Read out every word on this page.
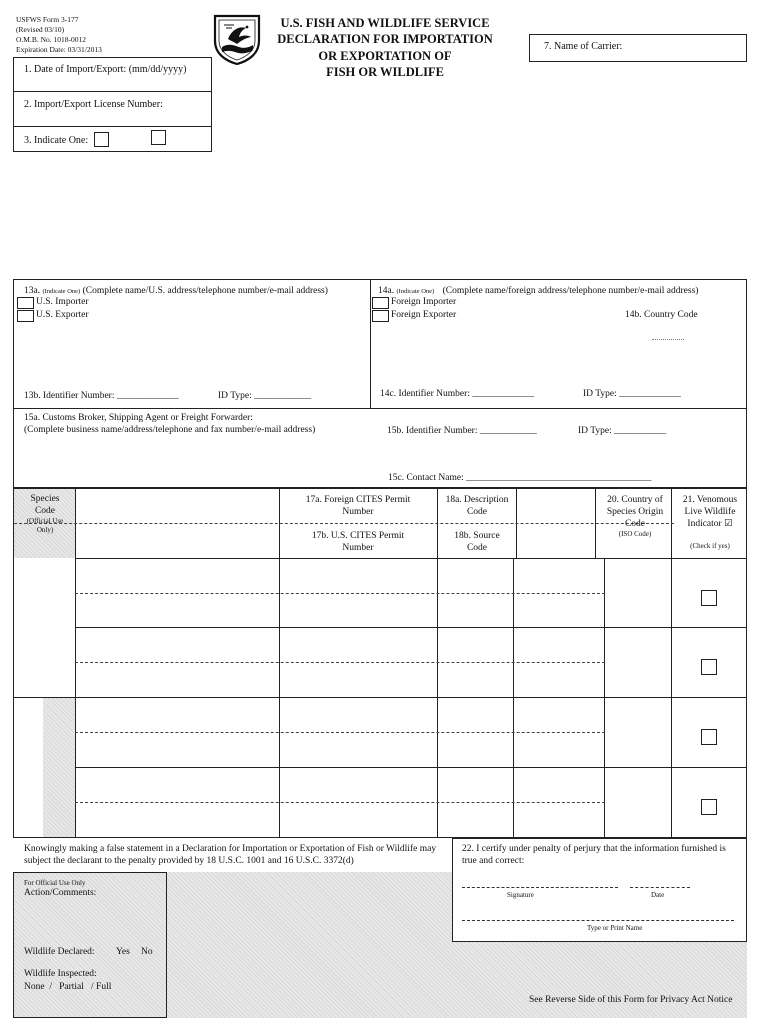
USFWS Form 3-177
(Revised 03/10)
O.M.B. No. 1018-0012
Expiration Date: 03/31/2013
U.S. FISH AND WILDLIFE SERVICE
DECLARATION FOR IMPORTATION
OR EXPORTATION OF
FISH OR WILDLIFE
7. Name of Carrier:
1. Date of Import/Export: (mm/dd/yyyy)
2. Import/Export License Number:
3. Indicate One:
13a. (Indicate One) (Complete name/U.S. address/telephone number/e-mail address)
U.S. Importer
U.S. Exporter
13b. Identifier Number: _____________	ID Type: ____________
14a. (Indicate One) (Complete name/foreign address/telephone number/e-mail address)
Foreign Importer
Foreign Exporter	14b. Country Code
14c. Identifier Number: _____________	ID Type: _____________
15a. Customs Broker, Shipping Agent or Freight Forwarder:
(Complete business name/address/telephone and fax number/e-mail address)	15b. Identifier Number: ____________	ID Type: ___________
15c. Contact Name: _______________________________________
Species Code
(Official Use Only)
17a. Foreign CITES Permit Number
17b. U.S. CITES Permit Number
18a. Description Code
18b. Source Code
20. Country of Species Origin Code
(ISO Code)
21. Venomous Live Wildlife Indicator ☑
(Check if yes)
Knowingly making a false statement in a Declaration for Importation or Exportation of Fish or Wildlife may subject the declarant to the penalty provided by 18 U.S.C. 1001 and 16 U.S.C. 3372(d)
22. I certify under penalty of perjury that the information furnished is true and correct:
Signature	Date
Type or Print Name
For Official Use Only
Action/Comments:
Wildlife Declared: Yes No
Wildlife Inspected:
None  /   Partial   / Full
See Reverse Side of this Form for Privacy Act Notice
